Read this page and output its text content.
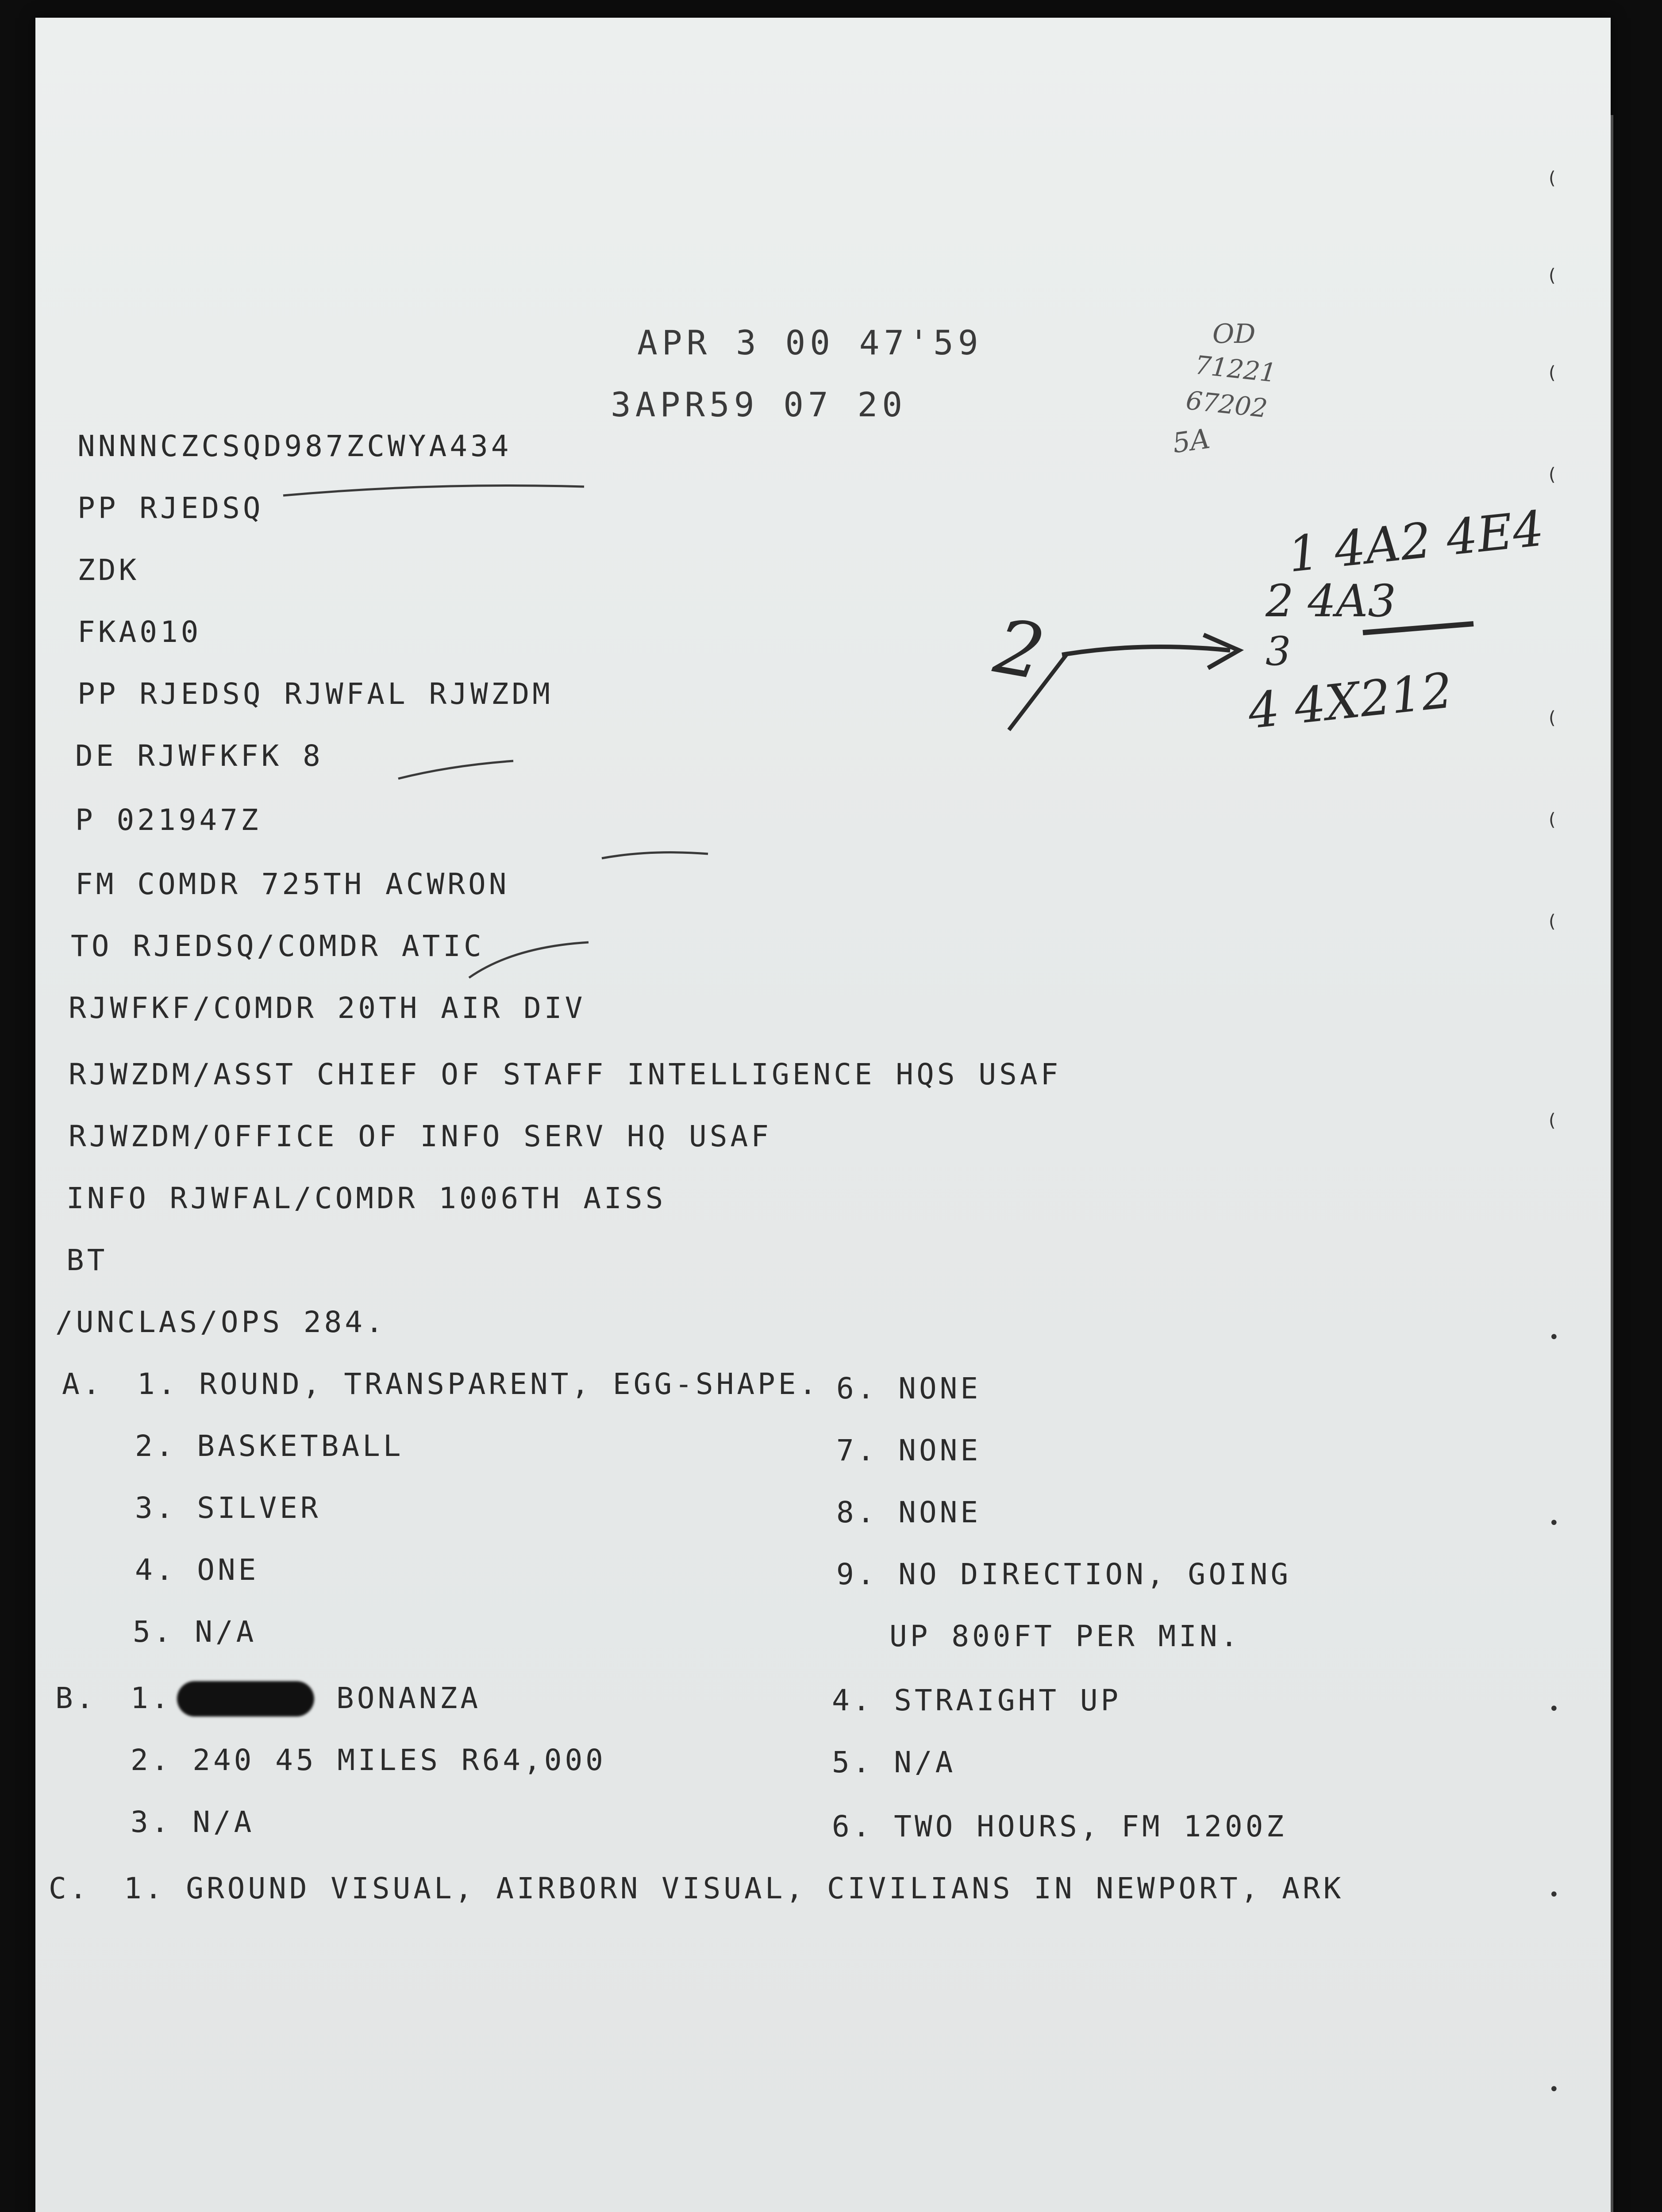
APR 3 00 47'59
3APR59 07 20
OD
71221
67202
5A
1 4A2 4E4
2 4A3
3
4 4X212
2
NNNNCZCSQD987ZCWYA434
PP RJEDSQ
ZDK
FKA010
PP RJEDSQ RJWFAL RJWZDM
DE RJWFKFK 8
P 021947Z
FM COMDR 725TH ACWRON
TO RJEDSQ/COMDR ATIC
RJWFKF/COMDR 20TH AIR DIV
RJWZDM/ASST CHIEF OF STAFF INTELLIGENCE HQS USAF
RJWZDM/OFFICE OF INFO SERV HQ USAF
INFO RJWFAL/COMDR 1006TH AISS
BT
/UNCLAS/OPS 284.
A. 1. ROUND, TRANSPARENT, EGG-SHAPE.
2. BASKETBALL
3. SILVER
4. ONE
5. N/A
6. NONE
7. NONE
8. NONE
9. NO DIRECTION, GOING
UP 800FT PER MIN.
B. 1.	BONANZA
2. 240 45 MILES R64,000
3. N/A
4. STRAIGHT UP
5. N/A
6. TWO HOURS, FM 1200Z
C. 1. GROUND VISUAL, AIRBORN VISUAL, CIVILIANS IN NEWPORT, ARK
(
(
(
(
(
(
(
(
•
•
•
•
•
